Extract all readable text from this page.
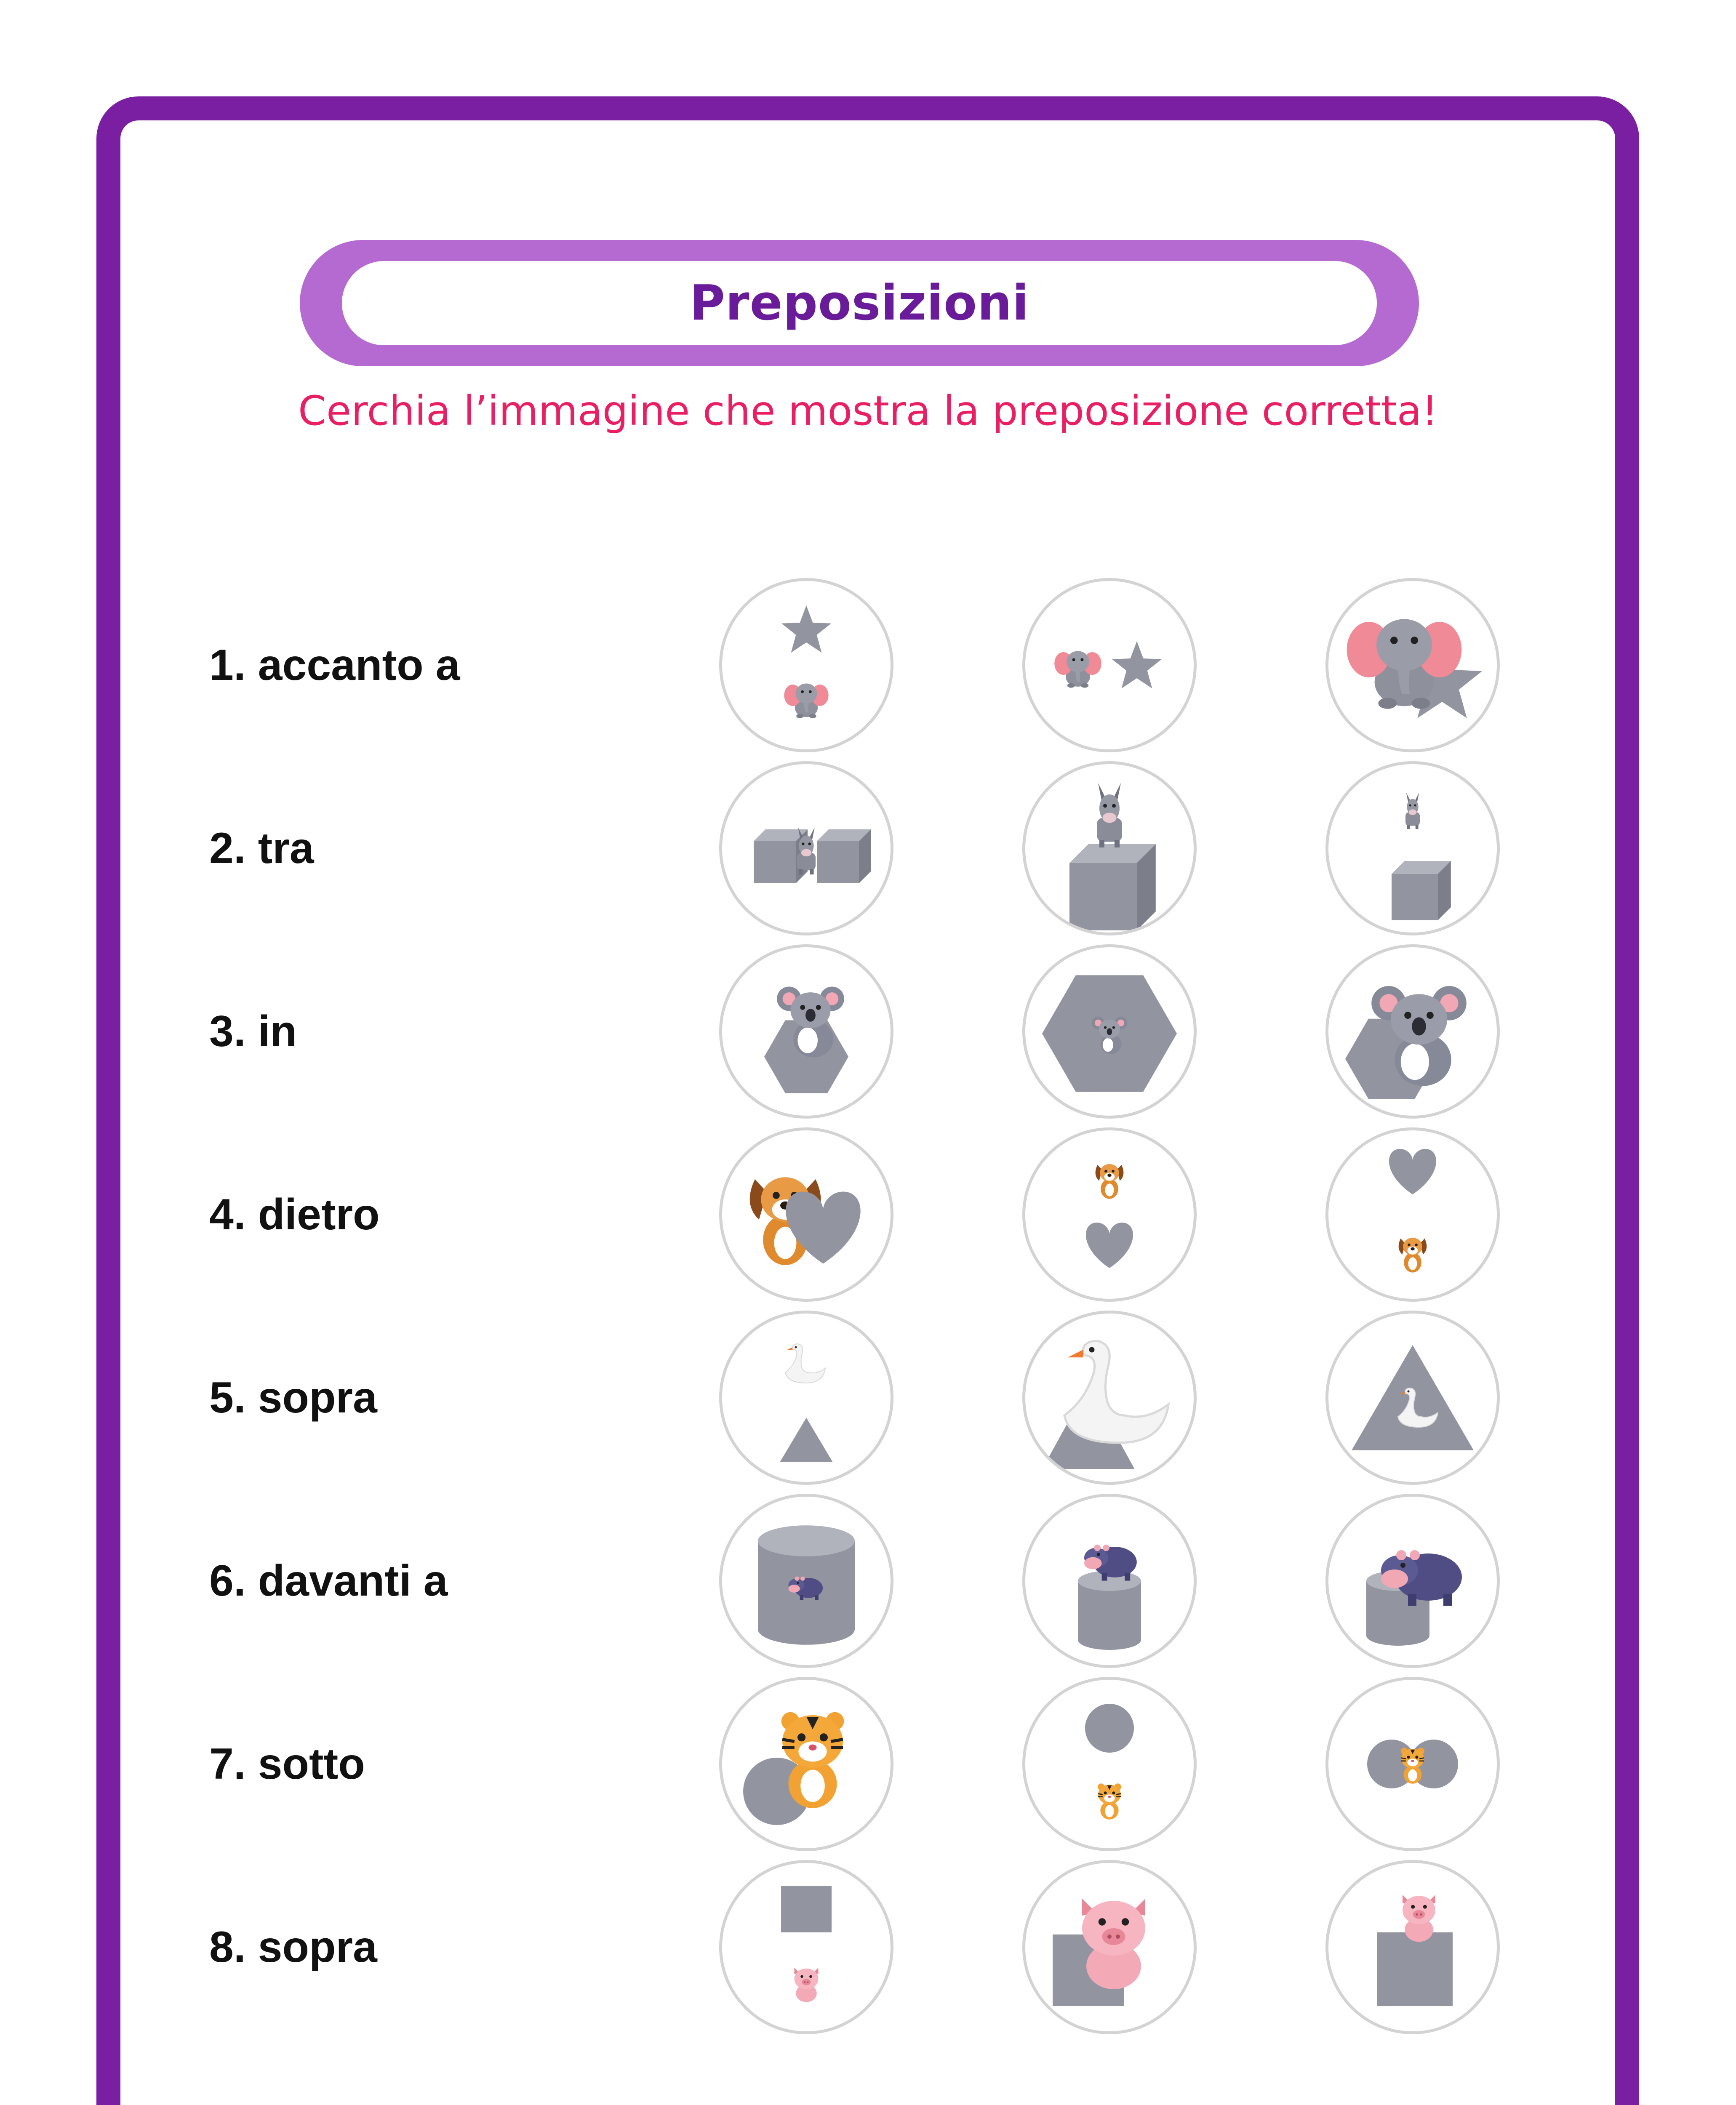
Preposizioni
Cerchia l’immagine che mostra la preposizione corretta!
1. accanto a
2. tra
3. in
4. dietro
5. sopra
6. davanti a
7. sotto
8. sopra
